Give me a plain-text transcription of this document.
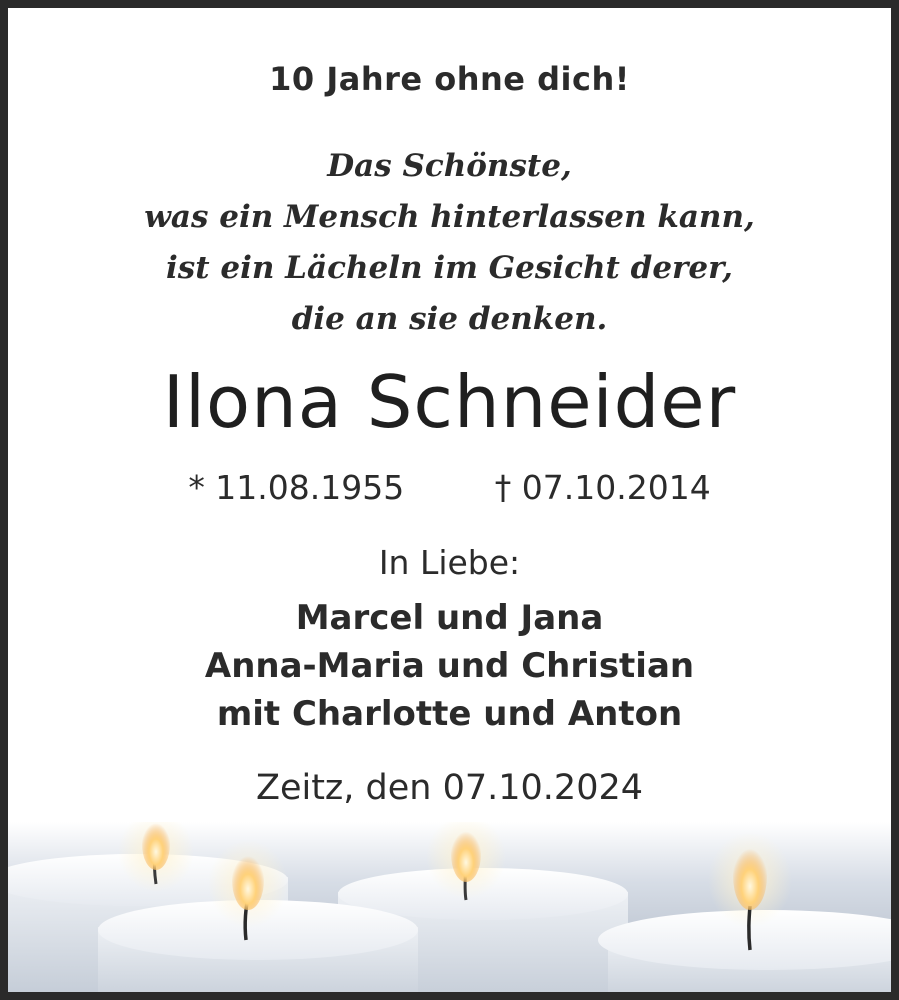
10 Jahre ohne dich!
Das Schönste,
was ein Mensch hinterlassen kann,
ist ein Lächeln im Gesicht derer,
die an sie denken.
Ilona Schneider
* 11.08.1955	† 07.10.2014
In Liebe:
Marcel und Jana
Anna-Maria und Christian
mit Charlotte und Anton
Zeitz, den 07.10.2024
